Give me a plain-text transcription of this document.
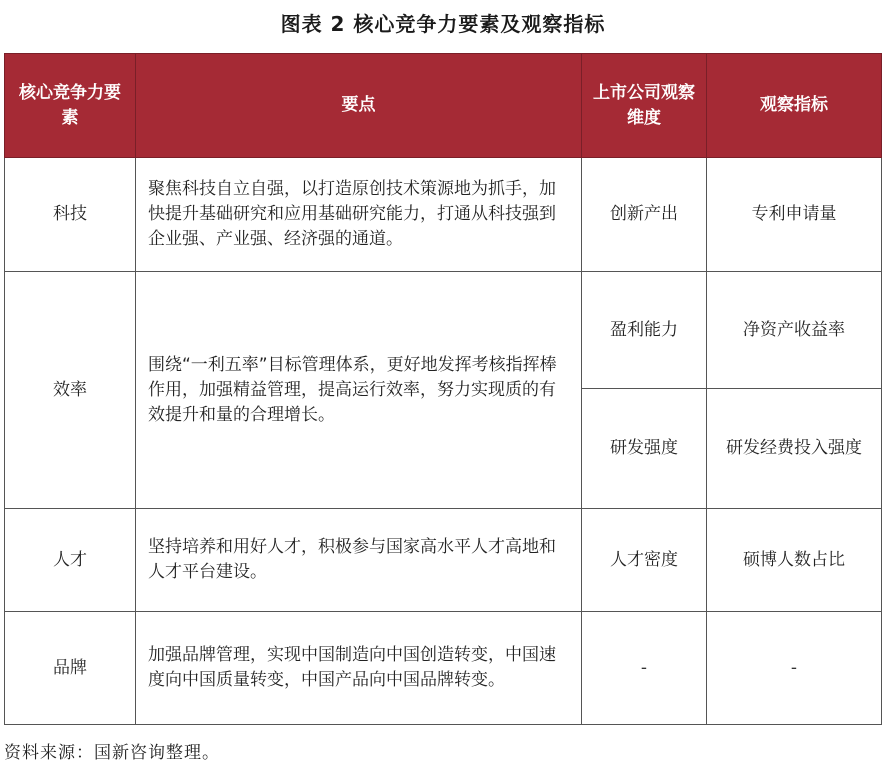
图表 2 核心竞争力要素及观察指标
核心竞争力要素	要点	上市公司观察维度	观察指标
科技	聚焦科技自立自强，以打造原创技术策源地为抓手，加快提升基础研究和应用基础研究能力，打通从科技强到企业强、产业强、经济强的通道。	创新产出	专利申请量
效率	围绕“一利五率”目标管理体系，更好地发挥考核指挥棒作用，加强精益管理，提高运行效率，努力实现质的有效提升和量的合理增长。	盈利能力	净资产收益率
		研发强度	研发经费投入强度
人才	坚持培养和用好人才，积极参与国家高水平人才高地和人才平台建设。	人才密度	硕博人数占比
品牌	加强品牌管理，实现中国制造向中国创造转变，中国速度向中国质量转变，中国产品向中国品牌转变。	-	-
资料来源：国新咨询整理。
